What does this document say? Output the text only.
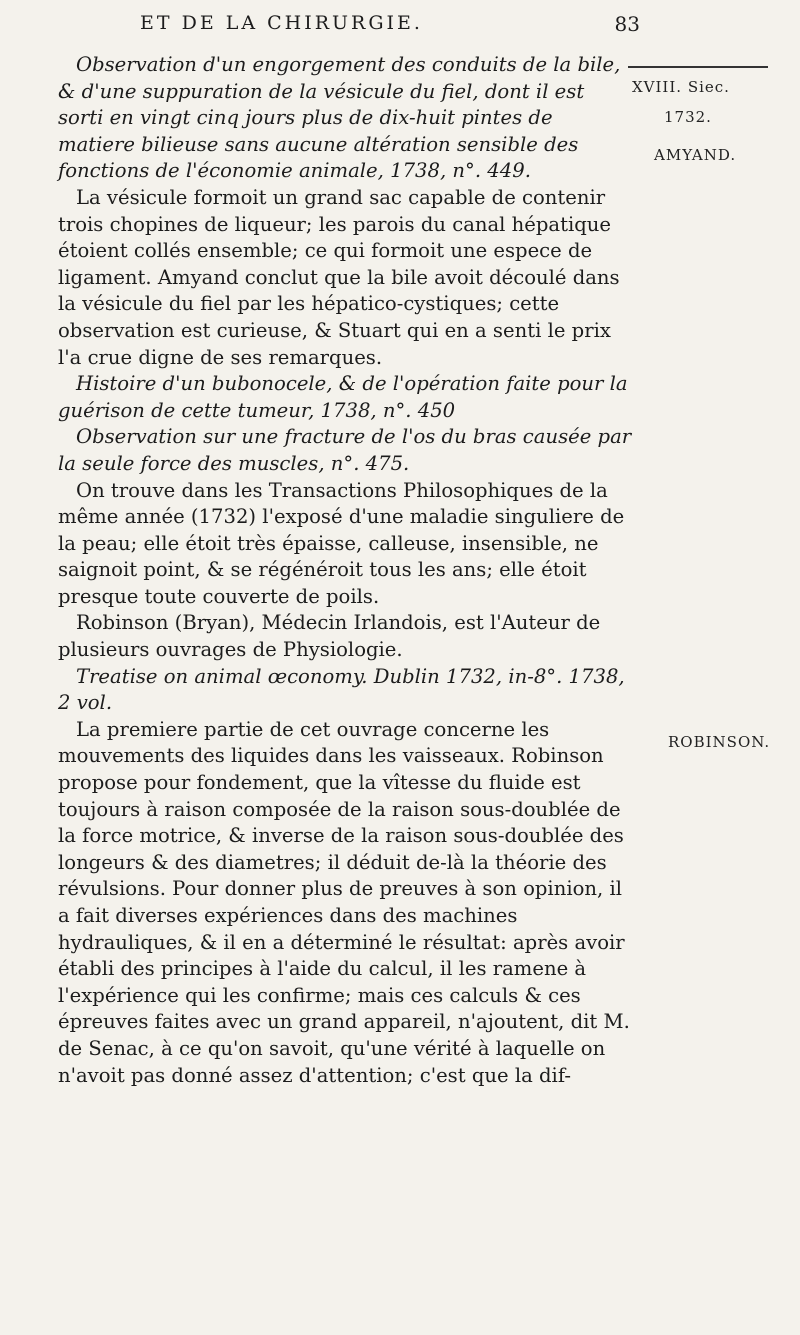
ET DE LA CHIRURGIE.	83
XVIII. Siec.
1732.
AMYAND.
ROBINSON.

Observation d'un engorgement des conduits de la bile, & d'une suppuration de la vésicule du fiel, dont il est sorti en vingt cinq jours plus de dix-huit pintes de matiere bilieuse sans aucune altération sensible des fonctions de l'économie animale, 1738, n°. 449.

La vésicule formoit un grand sac capable de contenir trois chopines de liqueur; les parois du canal hépatique étoient collés ensemble; ce qui formoit une espece de ligament. Amyand conclut que la bile avoit découlé dans la vésicule du fiel par les hépatico-cystiques; cette observation est curieuse, & Stuart qui en a senti le prix l'a crue digne de ses remarques.

Histoire d'un bubonocele, & de l'opération faite pour la guérison de cette tumeur, 1738, n°. 450

Observation sur une fracture de l'os du bras causée par la seule force des muscles, n°. 475.

On trouve dans les Transactions Philosophiques de la même année (1732) l'exposé d'une maladie singuliere de la peau; elle étoit très épaisse, calleuse, insensible, ne saignoit point, & se régénéroit tous les ans; elle étoit presque toute couverte de poils.

Robinson (Bryan), Médecin Irlandois, est l'Auteur de plusieurs ouvrages de Physiologie.

Treatise on animal œconomy. Dublin 1732, in-8°. 1738, 2 vol.

La premiere partie de cet ouvrage concerne les mouvements des liquides dans les vaisseaux. Robinson propose pour fondement, que la vîtesse du fluide est toujours à raison composée de la raison sous-doublée de la force motrice, & inverse de la raison sous-doublée des longeurs & des diametres; il déduit de-là la théorie des révulsions. Pour donner plus de preuves à son opinion, il a fait diverses expériences dans des machines hydrauliques, & il en a déterminé le résultat: après avoir établi des principes à l'aide du calcul, il les ramene à l'expérience qui les confirme; mais ces calculs & ces épreuves faites avec un grand appareil, n'ajoutent, dit M. de Senac, à ce qu'on savoit, qu'une vérité à laquelle on n'avoit pas donné assez d'attention; c'est que la dif-
